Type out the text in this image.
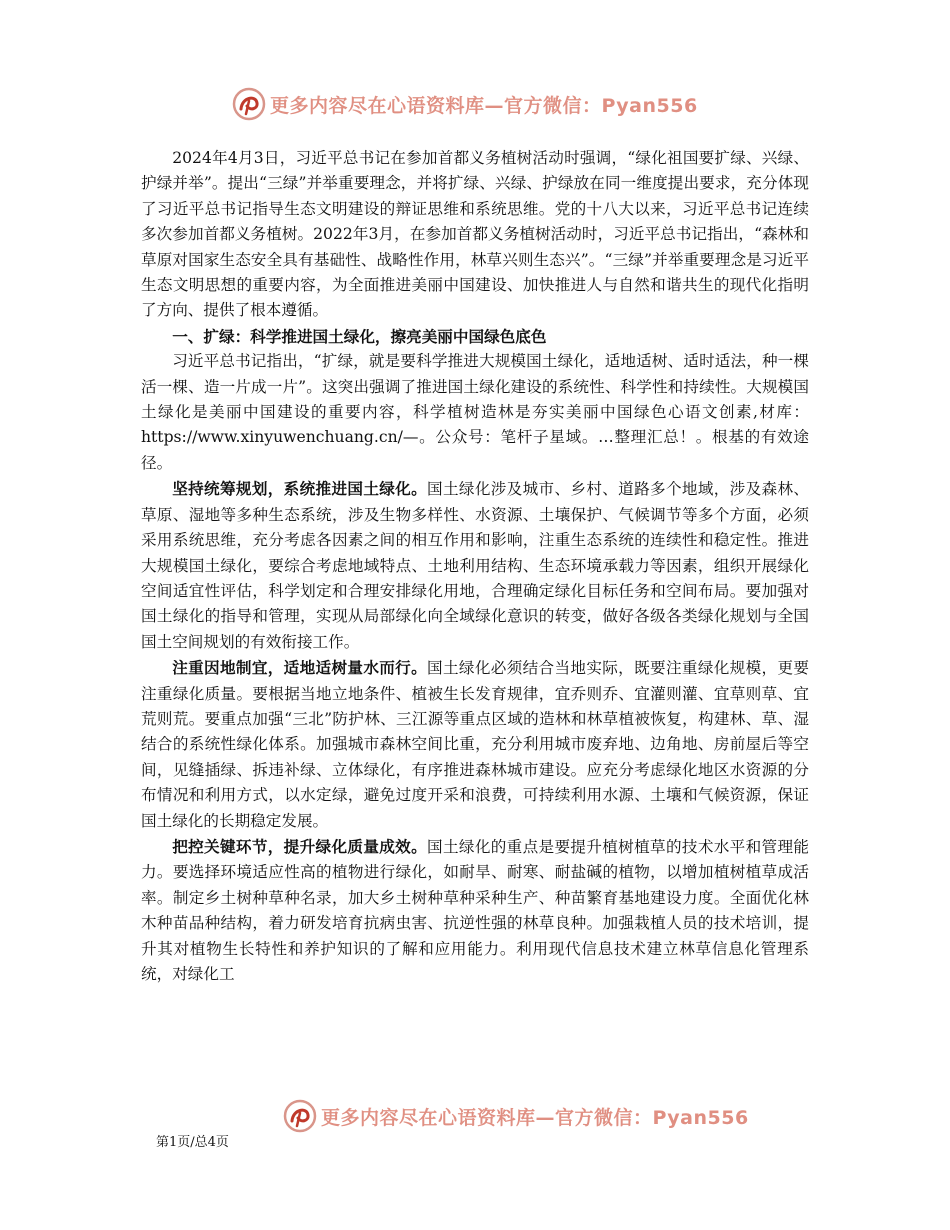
更多内容尽在心语资料库—官方微信：Pyan556

2024年4月3日，习近平总书记在参加首都义务植树活动时强调，“绿化祖国要扩绿、兴绿、护绿并举”。提出“三绿”并举重要理念，并将扩绿、兴绿、护绿放在同一维度提出要求，充分体现了习近平总书记指导生态文明建设的辩证思维和系统思维。党的十八大以来，习近平总书记连续多次参加首都义务植树。2022年3月，在参加首都义务植树活动时，习近平总书记指出，“森林和草原对国家生态安全具有基础性、战略性作用，林草兴则生态兴”。“三绿”并举重要理念是习近平生态文明思想的重要内容，为全面推进美丽中国建设、加快推进人与自然和谐共生的现代化指明了方向、提供了根本遵循。

一、扩绿：科学推进国土绿化，擦亮美丽中国绿色底色

习近平总书记指出，“扩绿，就是要科学推进大规模国土绿化，适地适树、适时适法，种一棵活一棵、造一片成一片”。这突出强调了推进国土绿化建设的系统性、科学性和持续性。大规模国土绿化是美丽中国建设的重要内容，科学植树造林是夯实美丽中国绿色心语文创素,材库：https://www.xinyuwenchuang.cn/—。公众号：笔杆子星域。…整理汇总！。根基的有效途径。

坚持统筹规划，系统推进国土绿化。国土绿化涉及城市、乡村、道路多个地域，涉及森林、草原、湿地等多种生态系统，涉及生物多样性、水资源、土壤保护、气候调节等多个方面，必须采用系统思维，充分考虑各因素之间的相互作用和影响，注重生态系统的连续性和稳定性。推进大规模国土绿化，要综合考虑地域特点、土地利用结构、生态环境承载力等因素，组织开展绿化空间适宜性评估，科学划定和合理安排绿化用地，合理确定绿化目标任务和空间布局。要加强对国土绿化的指导和管理，实现从局部绿化向全域绿化意识的转变，做好各级各类绿化规划与全国国土空间规划的有效衔接工作。

注重因地制宜，适地适树量水而行。国土绿化必须结合当地实际，既要注重绿化规模，更要注重绿化质量。要根据当地立地条件、植被生长发育规律，宜乔则乔、宜灌则灌、宜草则草、宜荒则荒。要重点加强“三北”防护林、三江源等重点区域的造林和林草植被恢复，构建林、草、湿结合的系统性绿化体系。加强城市森林空间比重，充分利用城市废弃地、边角地、房前屋后等空间，见缝插绿、拆违补绿、立体绿化，有序推进森林城市建设。应充分考虑绿化地区水资源的分布情况和利用方式，以水定绿，避免过度开采和浪费，可持续利用水源、土壤和气候资源，保证国土绿化的长期稳定发展。

把控关键环节，提升绿化质量成效。国土绿化的重点是要提升植树植草的技术水平和管理能力。要选择环境适应性高的植物进行绿化，如耐旱、耐寒、耐盐碱的植物，以增加植树植草成活率。制定乡土树种草种名录，加大乡土树种草种采种生产、种苗繁育基地建设力度。全面优化林木种苗品种结构，着力研发培育抗病虫害、抗逆性强的林草良种。加强栽植人员的技术培训，提升其对植物生长特性和养护知识的了解和应用能力。利用现代信息技术建立林草信息化管理系统，对绿化工

更多内容尽在心语资料库—官方微信：Pyan556
第1页/总4页
